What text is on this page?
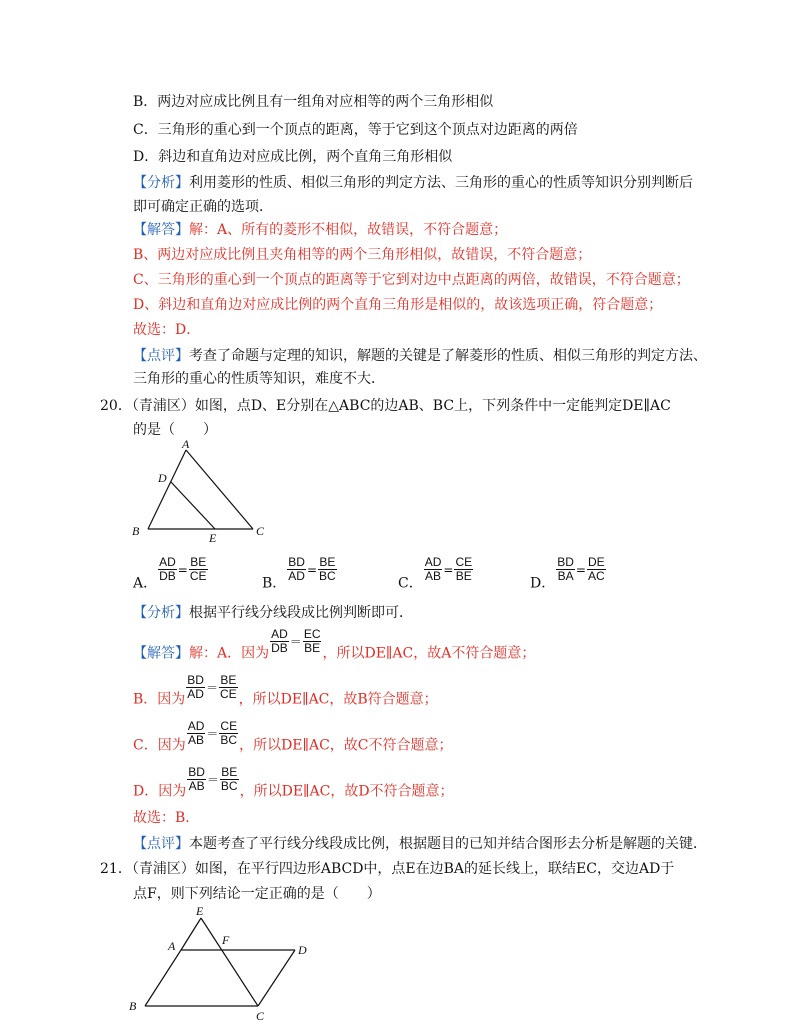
B．两边对应成比例且有一组角对应相等的两个三角形相似
C．三角形的重心到一个顶点的距离，等于它到这个顶点对边距离的两倍
D．斜边和直角边对应成比例，两个直角三角形相似
【分析】利用菱形的性质、相似三角形的判定方法、三角形的重心的性质等知识分别判断后
即可确定正确的选项．
【解答】解：A、所有的菱形不相似，故错误，不符合题意；
B、两边对应成比例且夹角相等的两个三角形相似，故错误，不符合题意；
C、三角形的重心到一个顶点的距离等于它到对边中点距离的两倍，故错误，不符合题意；
D、斜边和直角边对应成比例的两个直角三角形是相似的，故该选项正确，符合题意；
故选：D．
【点评】考查了命题与定理的知识，解题的关键是了解菱形的性质、相似三角形的判定方法、
三角形的重心的性质等知识，难度不大．
20．（青浦区）如图，点D、E分别在△ABC的边AB、BC上，下列条件中一定能判定DE∥AC
的是（　　）
A
D
B	C
E
A．
$\frac{AD}{DB} = \frac{BE}{CE}$
B．
$\frac{BD}{AD} = \frac{BE}{BC}$
C．
$\frac{AD}{AB} = \frac{CE}{BE}$
D．
$\frac{BD}{BA} = \frac{DE}{AC}$
【分析】根据平行线分线段成比例判断即可．
【解答】解：A．因为 $\frac{AD}{DB} = \frac{EC}{BE}$ ，所以DE∥AC，故A不符合题意；
B．因为 $\frac{BD}{AD} = \frac{BE}{CE}$ ，所以DE∥AC，故B符合题意；
C．因为 $\frac{AD}{AB} = \frac{CE}{BC}$ ，所以DE∥AC，故C不符合题意；
D．因为 $\frac{BD}{AB} = \frac{BE}{BC}$ ，所以DE∥AC，故D不符合题意；
故选：B．
【点评】本题考查了平行线分线段成比例，根据题目的已知并结合图形去分析是解题的关键．
21．（青浦区）如图，在平行四边形ABCD中，点E在边BA的延长线上，联结EC，交边AD于
点F，则下列结论一定正确的是（　　）
E
A	F
D
B
C
